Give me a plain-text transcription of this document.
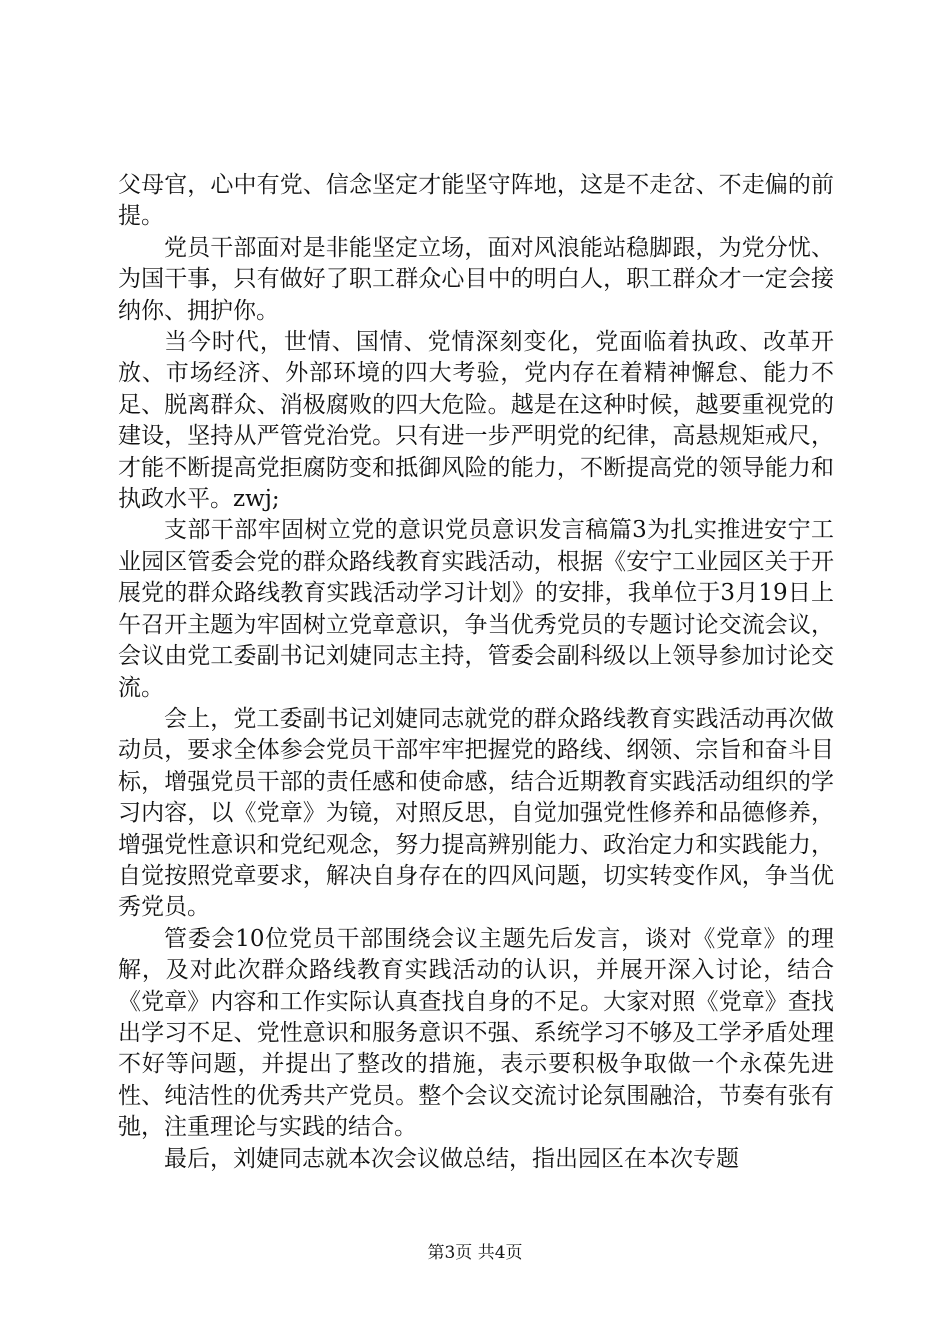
父母官，心中有党、信念坚定才能坚守阵地，这是不走岔、不走偏的前提。

党员干部面对是非能坚定立场，面对风浪能站稳脚跟，为党分忧、为国干事，只有做好了职工群众心目中的明白人，职工群众才一定会接纳你、拥护你。

当今时代，世情、国情、党情深刻变化，党面临着执政、改革开放、市场经济、外部环境的四大考验，党内存在着精神懈怠、能力不足、脱离群众、消极腐败的四大危险。越是在这种时候，越要重视党的建设，坚持从严管党治党。只有进一步严明党的纪律，高悬规矩戒尺，才能不断提高党拒腐防变和抵御风险的能力，不断提高党的领导能力和执政水平。zwj;

支部干部牢固树立党的意识党员意识发言稿篇3为扎实推进安宁工业园区管委会党的群众路线教育实践活动，根据《安宁工业园区关于开展党的群众路线教育实践活动学习计划》的安排，我单位于3月19日上午召开主题为牢固树立党章意识，争当优秀党员的专题讨论交流会议，会议由党工委副书记刘婕同志主持，管委会副科级以上领导参加讨论交流。

会上，党工委副书记刘婕同志就党的群众路线教育实践活动再次做动员，要求全体参会党员干部牢牢把握党的路线、纲领、宗旨和奋斗目标，增强党员干部的责任感和使命感，结合近期教育实践活动组织的学习内容，以《党章》为镜，对照反思，自觉加强党性修养和品德修养，增强党性意识和党纪观念，努力提高辨别能力、政治定力和实践能力，自觉按照党章要求，解决自身存在的四风问题，切实转变作风，争当优秀党员。

管委会10位党员干部围绕会议主题先后发言，谈对《党章》的理解，及对此次群众路线教育实践活动的认识，并展开深入讨论，结合《党章》内容和工作实际认真查找自身的不足。大家对照《党章》查找出学习不足、党性意识和服务意识不强、系统学习不够及工学矛盾处理不好等问题，并提出了整改的措施，表示要积极争取做一个永葆先进性、纯洁性的优秀共产党员。整个会议交流讨论氛围融洽，节奏有张有弛，注重理论与实践的结合。

最后，刘婕同志就本次会议做总结，指出园区在本次专题

第3页 共4页
